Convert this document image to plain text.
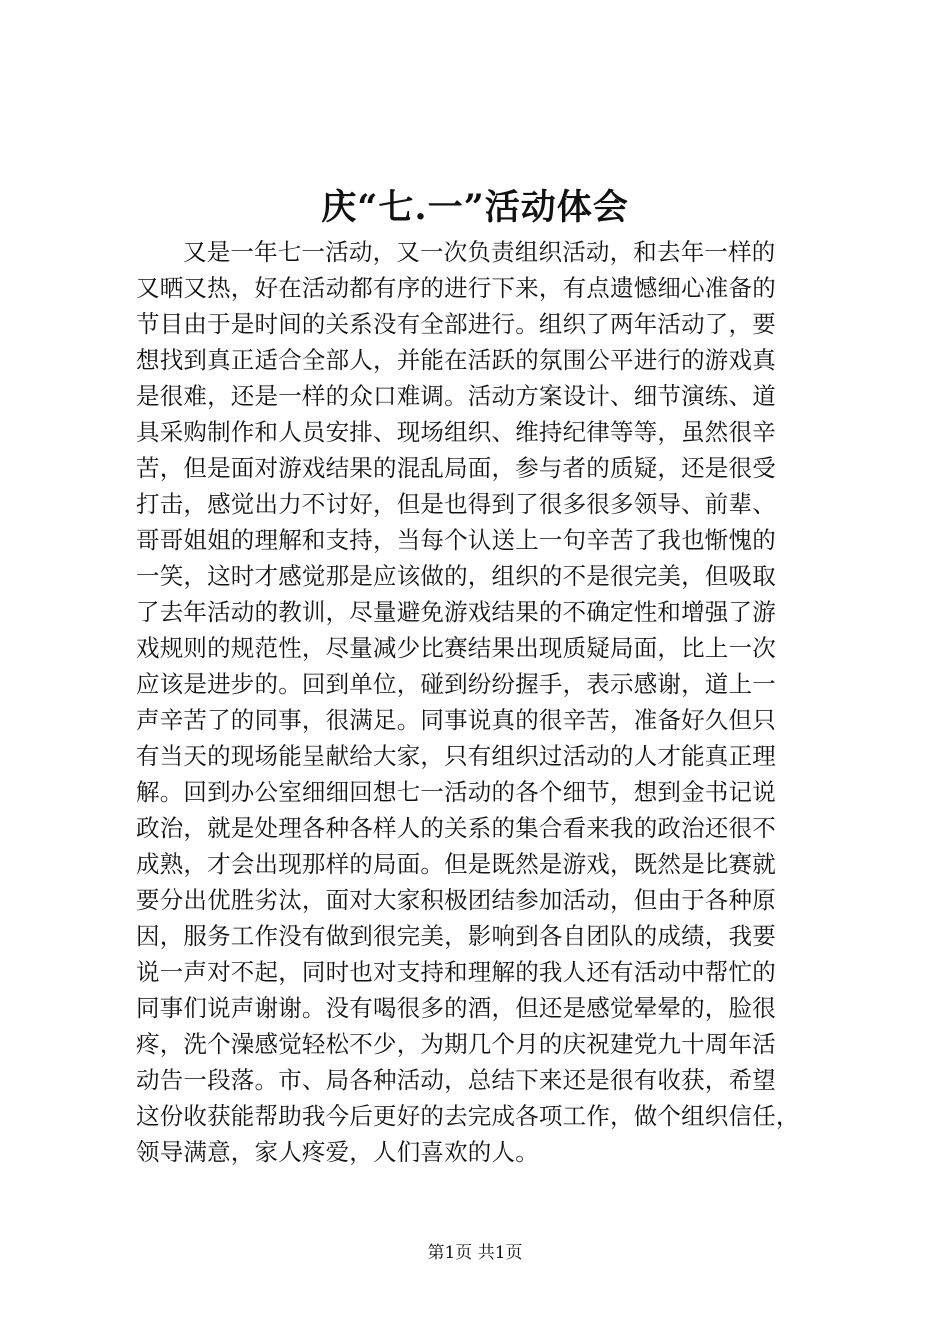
庆“七.一”活动体会
又是一年七一活动，又一次负责组织活动，和去年一样的
又晒又热，好在活动都有序的进行下来，有点遗憾细心准备的
节目由于是时间的关系没有全部进行。组织了两年活动了，要
想找到真正适合全部人，并能在活跃的氛围公平进行的游戏真
是很难，还是一样的众口难调。活动方案设计、细节演练、道
具采购制作和人员安排、现场组织、维持纪律等等，虽然很辛
苦，但是面对游戏结果的混乱局面，参与者的质疑，还是很受
打击，感觉出力不讨好，但是也得到了很多很多领导、前辈、
哥哥姐姐的理解和支持，当每个认送上一句辛苦了我也惭愧的
一笑，这时才感觉那是应该做的，组织的不是很完美，但吸取
了去年活动的教训，尽量避免游戏结果的不确定性和增强了游
戏规则的规范性，尽量减少比赛结果出现质疑局面，比上一次
应该是进步的。回到单位，碰到纷纷握手，表示感谢，道上一
声辛苦了的同事，很满足。同事说真的很辛苦，准备好久但只
有当天的现场能呈献给大家，只有组织过活动的人才能真正理
解。回到办公室细细回想七一活动的各个细节，想到金书记说
政治，就是处理各种各样人的关系的集合看来我的政治还很不
成熟，才会出现那样的局面。但是既然是游戏，既然是比赛就
要分出优胜劣汰，面对大家积极团结参加活动，但由于各种原
因，服务工作没有做到很完美，影响到各自团队的成绩，我要
说一声对不起，同时也对支持和理解的我人还有活动中帮忙的
同事们说声谢谢。没有喝很多的酒，但还是感觉晕晕的，脸很
疼，洗个澡感觉轻松不少，为期几个月的庆祝建党九十周年活
动告一段落。市、局各种活动，总结下来还是很有收获，希望
这份收获能帮助我今后更好的去完成各项工作，做个组织信任，
领导满意，家人疼爱，人们喜欢的人。
第1页 共1页
